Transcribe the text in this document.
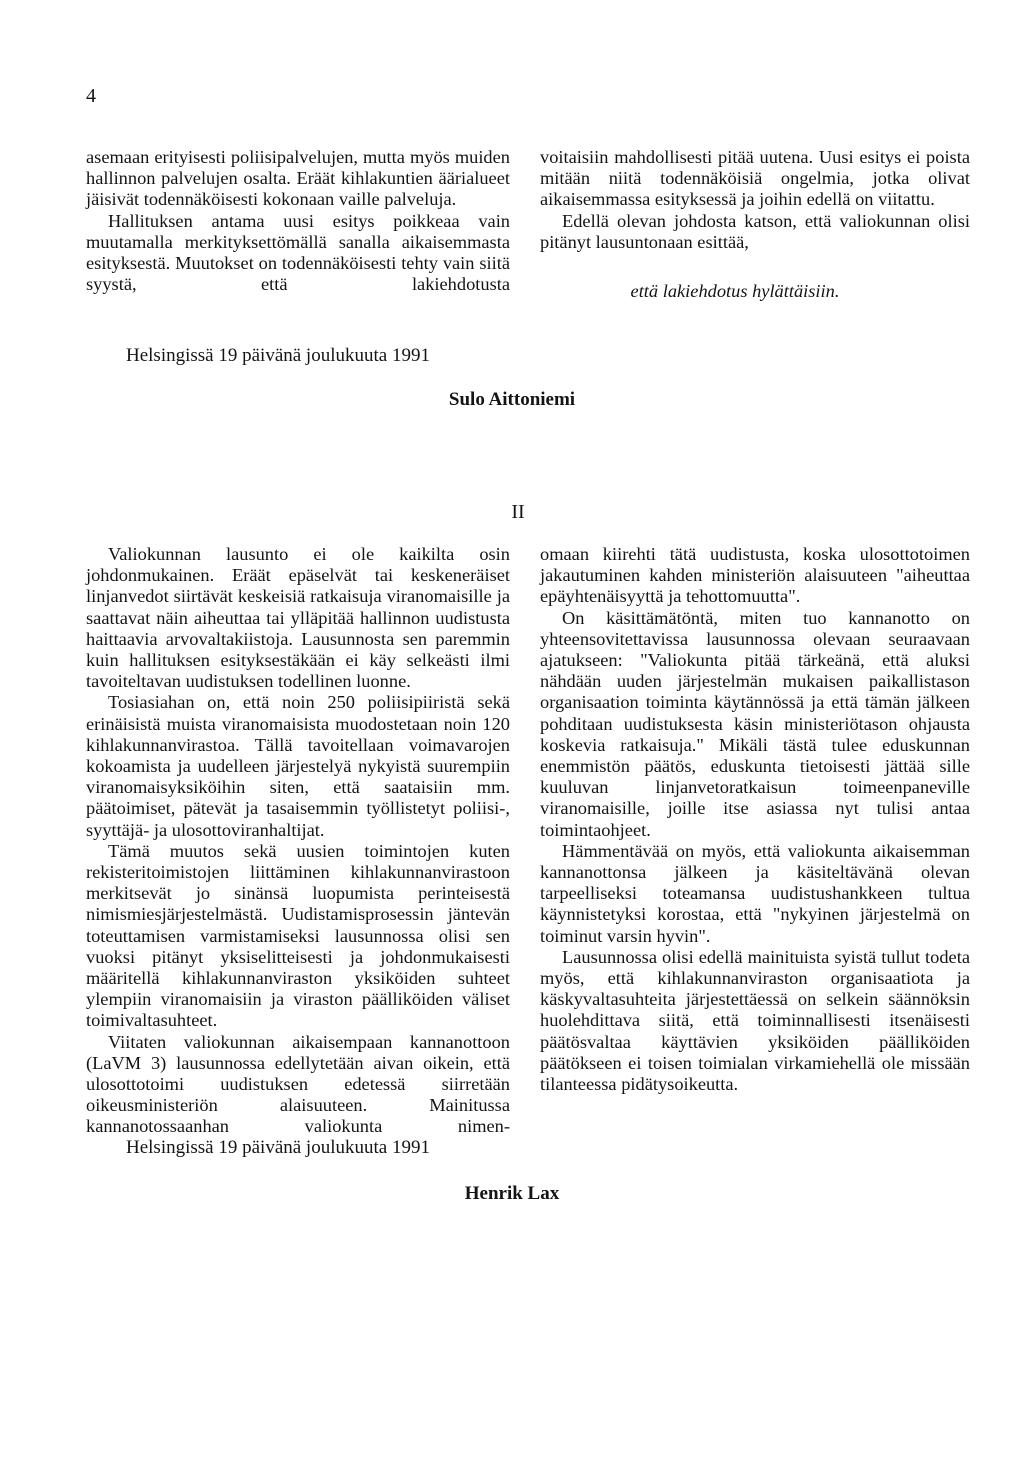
4

asemaan erityisesti poliisipalvelujen, mutta myös muiden hallinnon palvelujen osalta. Eräät kihlakuntien äärialueet jäisivät todennäköisesti kokonaan vaille palveluja.

Hallituksen antama uusi esitys poikkeaa vain muutamalla merkityksettömällä sanalla aikaisemmasta esityksestä. Muutokset on todennäköisesti tehty vain siitä syystä, että lakiehdotusta

voitaisiin mahdollisesti pitää uutena. Uusi esitys ei poista mitään niitä todennäköisiä ongelmia, jotka olivat aikaisemmassa esityksessä ja joihin edellä on viitattu.

Edellä olevan johdosta katson, että valiokunnan olisi pitänyt lausuntonaan esittää,

että lakiehdotus hylättäisiin.

Helsingissä 19 päivänä joulukuuta 1991
Sulo Aittoniemi
II

Valiokunnan lausunto ei ole kaikilta osin johdonmukainen. Eräät epäselvät tai keskeneräiset linjanvedot siirtävät keskeisiä ratkaisuja viranomaisille ja saattavat näin aiheuttaa tai ylläpitää hallinnon uudistusta haittaavia arvovaltakiistoja. Lausunnosta sen paremmin kuin hallituksen esityksestäkään ei käy selkeästi ilmi tavoiteltavan uudistuksen todellinen luonne.

Tosiasiahan on, että noin 250 poliisipiiristä sekä erinäisistä muista viranomaisista muodostetaan noin 120 kihlakunnanvirastoa. Tällä tavoitellaan voimavarojen kokoamista ja uudelleen järjestelyä nykyistä suurempiin viranomaisyksiköihin siten, että saataisiin mm. päätoimiset, pätevät ja tasaisemmin työllistetyt poliisi-, syyttäjä- ja ulosottoviranhaltijat.

Tämä muutos sekä uusien toimintojen kuten rekisteritoimistojen liittäminen kihlakunnanvirastoon merkitsevät jo sinänsä luopumista perinteisestä nimismiesjärjestelmästä. Uudistamisprosessin jäntevän toteuttamisen varmistamiseksi lausunnossa olisi sen vuoksi pitänyt yksiselitteisesti ja johdonmukaisesti määritellä kihlakunnanviraston yksiköiden suhteet ylempiin viranomaisiin ja viraston päälliköiden väliset toimivaltasuhteet.

Viitaten valiokunnan aikaisempaan kannanottoon (LaVM 3) lausunnossa edellytetään aivan oikein, että ulosottotoimi uudistuksen edetessä siirretään oikeusministeriön alaisuuteen. Mainitussa kannanotossaanhan valiokunta nimen-

omaan kiirehti tätä uudistusta, koska ulosottotoimen jakautuminen kahden ministeriön alaisuuteen "aiheuttaa epäyhtenäisyyttä ja tehottomuutta".

On käsittämätöntä, miten tuo kannanotto on yhteensovitettavissa lausunnossa olevaan seuraavaan ajatukseen: "Valiokunta pitää tärkeänä, että aluksi nähdään uuden järjestelmän mukaisen paikallistason organisaation toiminta käytännössä ja että tämän jälkeen pohditaan uudistuksesta käsin ministeriötason ohjausta koskevia ratkaisuja." Mikäli tästä tulee eduskunnan enemmistön päätös, eduskunta tietoisesti jättää sille kuuluvan linjanvetoratkaisun toimeenpaneville viranomaisille, joille itse asiassa nyt tulisi antaa toimintaohjeet.

Hämmentävää on myös, että valiokunta aikaisemman kannanottonsa jälkeen ja käsiteltävänä olevan tarpeelliseksi toteamansa uudistushankkeen tultua käynnistetyksi korostaa, että "nykyinen järjestelmä on toiminut varsin hyvin".

Lausunnossa olisi edellä mainituista syistä tullut todeta myös, että kihlakunnanviraston organisaatiota ja käskyvaltasuhteita järjestettäessä on selkein säännöksin huolehdittava siitä, että toiminnallisesti itsenäisesti päätösvaltaa käyttävien yksiköiden päälliköiden päätökseen ei toisen toimialan virkamiehellä ole missään tilanteessa pidätysoikeutta.

Helsingissä 19 päivänä joulukuuta 1991
Henrik Lax
